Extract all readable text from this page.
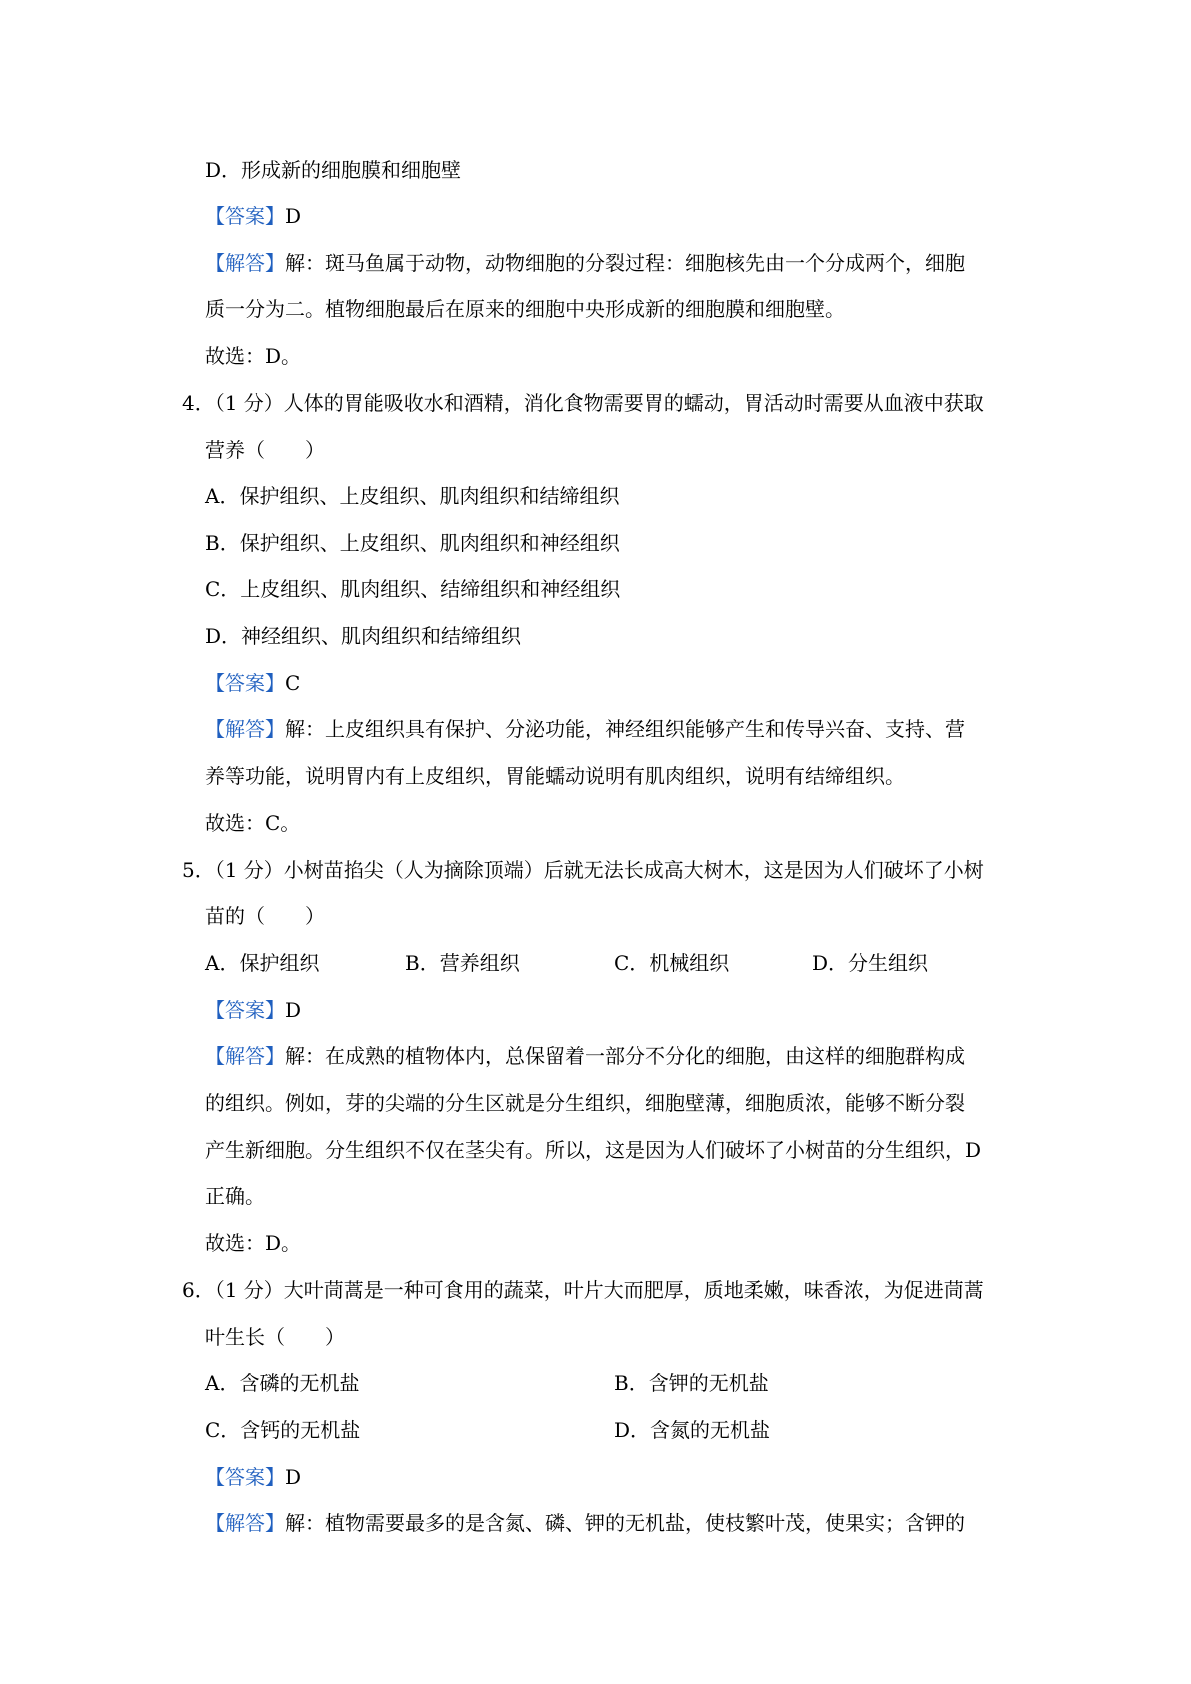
D．形成新的细胞膜和细胞壁
【答案】D
【解答】解：斑马鱼属于动物，动物细胞的分裂过程：细胞核先由一个分成两个，细胞
质一分为二。植物细胞最后在原来的细胞中央形成新的细胞膜和细胞壁。
故选：D。
4．（1 分）人体的胃能吸收水和酒精，消化食物需要胃的蠕动，胃活动时需要从血液中获取
营养（　　）
A．保护组织、上皮组织、肌肉组织和结缔组织
B．保护组织、上皮组织、肌肉组织和神经组织
C．上皮组织、肌肉组织、结缔组织和神经组织
D．神经组织、肌肉组织和结缔组织
【答案】C
【解答】解：上皮组织具有保护、分泌功能，神经组织能够产生和传导兴奋、支持、营
养等功能，说明胃内有上皮组织，胃能蠕动说明有肌肉组织，说明有结缔组织。
故选：C。
5．（1 分）小树苗掐尖（人为摘除顶端）后就无法长成高大树木，这是因为人们破坏了小树
苗的（　　）
A．保护组织	B．营养组织	C．机械组织	D．分生组织
【答案】D
【解答】解：在成熟的植物体内，总保留着一部分不分化的细胞，由这样的细胞群构成
的组织。例如，芽的尖端的分生区就是分生组织，细胞壁薄，细胞质浓，能够不断分裂
产生新细胞。分生组织不仅在茎尖有。所以，这是因为人们破坏了小树苗的分生组织，D
正确。
故选：D。
6．（1 分）大叶茼蒿是一种可食用的蔬菜，叶片大而肥厚，质地柔嫩，味香浓，为促进茼蒿
叶生长（　　）
A．含磷的无机盐	B．含钾的无机盐
C．含钙的无机盐	D．含氮的无机盐
【答案】D
【解答】解：植物需要最多的是含氮、磷、钾的无机盐，使枝繁叶茂，使果实；含钾的
